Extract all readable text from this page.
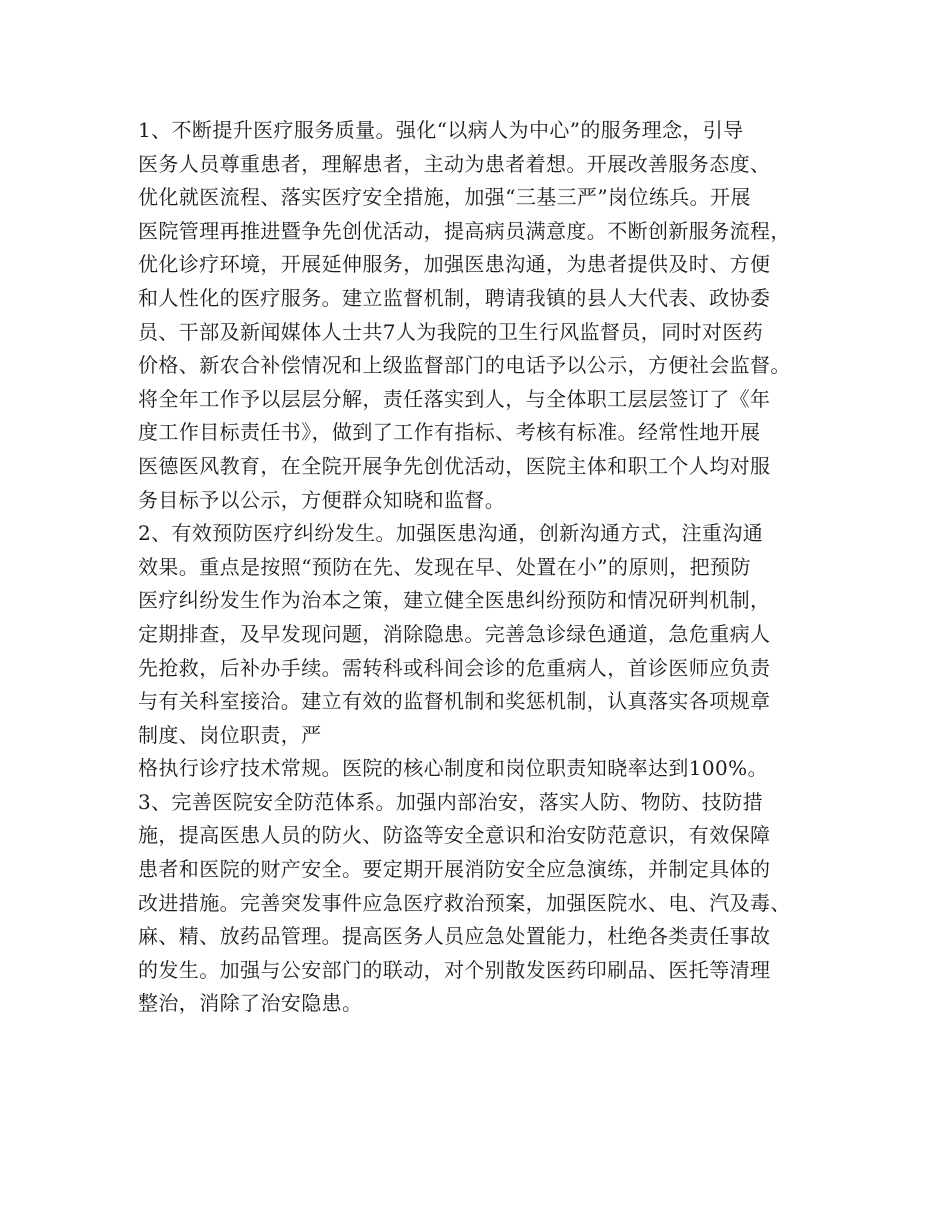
1、不断提升医疗服务质量。强化“以病人为中心”的服务理念，引导
医务人员尊重患者，理解患者，主动为患者着想。开展改善服务态度、
优化就医流程、落实医疗安全措施，加强“三基三严”岗位练兵。开展
医院管理再推进暨争先创优活动，提高病员满意度。不断创新服务流程，
优化诊疗环境，开展延伸服务，加强医患沟通，为患者提供及时、方便
和人性化的医疗服务。建立监督机制，聘请我镇的县人大代表、政协委
员、干部及新闻媒体人士共7人为我院的卫生行风监督员，同时对医药
价格、新农合补偿情况和上级监督部门的电话予以公示，方便社会监督。
将全年工作予以层层分解，责任落实到人，与全体职工层层签订了《年
度工作目标责任书》，做到了工作有指标、考核有标准。经常性地开展
医德医风教育，在全院开展争先创优活动，医院主体和职工个人均对服
务目标予以公示，方便群众知晓和监督。
2、有效预防医疗纠纷发生。加强医患沟通，创新沟通方式，注重沟通
效果。重点是按照“预防在先、发现在早、处置在小”的原则，把预防
医疗纠纷发生作为治本之策，建立健全医患纠纷预防和情况研判机制，
定期排查，及早发现问题，消除隐患。完善急诊绿色通道，急危重病人
先抢救，后补办手续。需转科或科间会诊的危重病人，首诊医师应负责
与有关科室接洽。建立有效的监督机制和奖惩机制，认真落实各项规章
制度、岗位职责，严
格执行诊疗技术常规。医院的核心制度和岗位职责知晓率达到100%。
3、完善医院安全防范体系。加强内部治安，落实人防、物防、技防措
施，提高医患人员的防火、防盗等安全意识和治安防范意识，有效保障
患者和医院的财产安全。要定期开展消防安全应急演练，并制定具体的
改进措施。完善突发事件应急医疗救治预案，加强医院水、电、汽及毒、
麻、精、放药品管理。提高医务人员应急处置能力，杜绝各类责任事故
的发生。加强与公安部门的联动，对个别散发医药印刷品、医托等清理
整治，消除了治安隐患。
